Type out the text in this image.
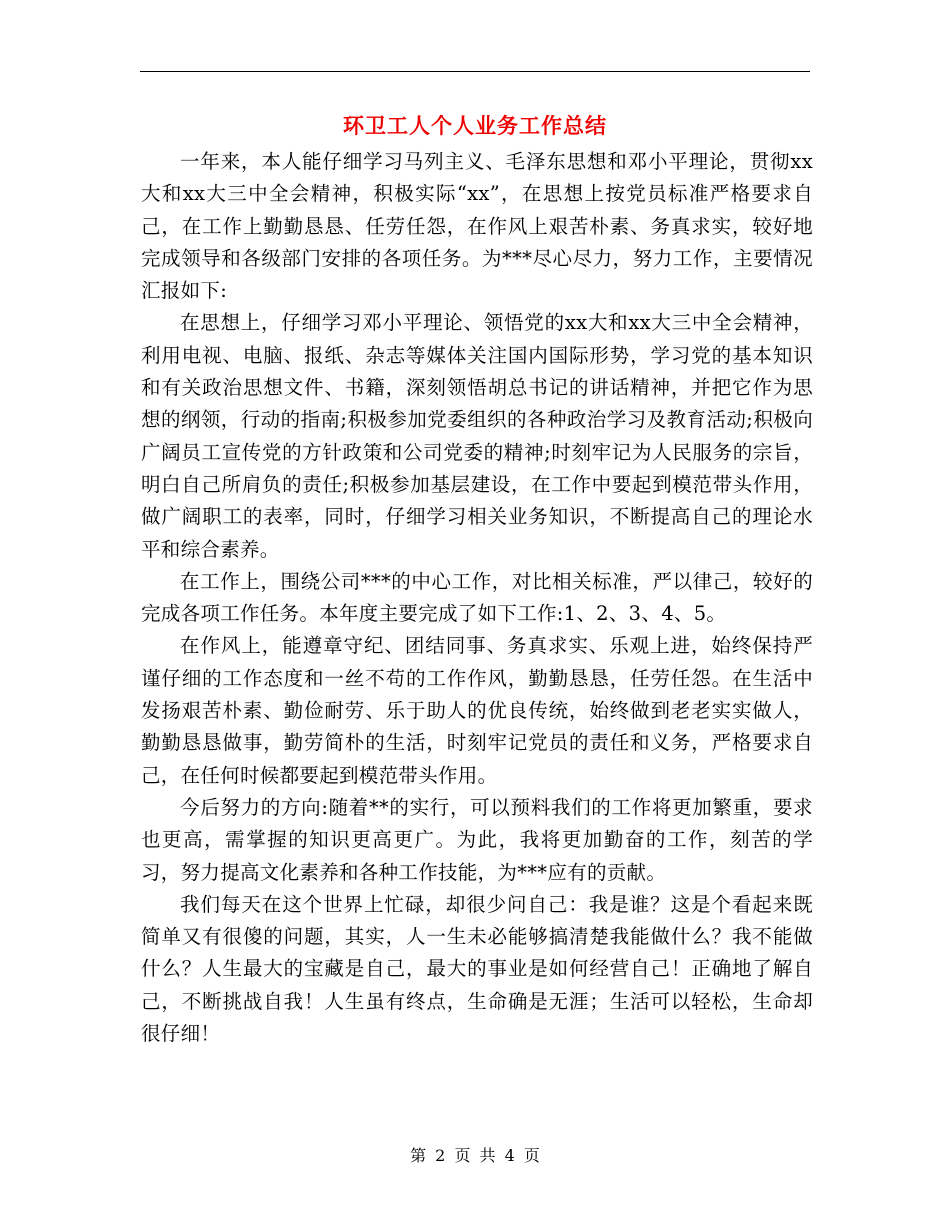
环卫工人个人业务工作总结

一年来，本人能仔细学习马列主义、毛泽东思想和邓小平理论，贯彻xx大和xx大三中全会精神，积极实际“xx”，在思想上按党员标准严格要求自己，在工作上勤勤恳恳、任劳任怨，在作风上艰苦朴素、务真求实，较好地完成领导和各级部门安排的各项任务。为***尽心尽力，努力工作，主要情况汇报如下:

在思想上，仔细学习邓小平理论、领悟党的xx大和xx大三中全会精神，利用电视、电脑、报纸、杂志等媒体关注国内国际形势，学习党的基本知识和有关政治思想文件、书籍，深刻领悟胡总书记的讲话精神，并把它作为思想的纲领，行动的指南;积极参加党委组织的各种政治学习及教育活动;积极向广阔员工宣传党的方针政策和公司党委的精神;时刻牢记为人民服务的宗旨，明白自己所肩负的责任;积极参加基层建设，在工作中要起到模范带头作用，做广阔职工的表率，同时，仔细学习相关业务知识，不断提高自己的理论水平和综合素养。

在工作上，围绕公司***的中心工作，对比相关标准，严以律己，较好的完成各项工作任务。本年度主要完成了如下工作:1、2、3、4、5。

在作风上，能遵章守纪、团结同事、务真求实、乐观上进，始终保持严谨仔细的工作态度和一丝不苟的工作作风，勤勤恳恳，任劳任怨。在生活中发扬艰苦朴素、勤俭耐劳、乐于助人的优良传统，始终做到老老实实做人，勤勤恳恳做事，勤劳简朴的生活，时刻牢记党员的责任和义务，严格要求自己，在任何时候都要起到模范带头作用。

今后努力的方向:随着**的实行，可以预料我们的工作将更加繁重，要求也更高，需掌握的知识更高更广。为此，我将更加勤奋的工作，刻苦的学习，努力提高文化素养和各种工作技能，为***应有的贡献。

我们每天在这个世界上忙碌，却很少问自己：我是谁？这是个看起来既简单又有很傻的问题，其实，人一生未必能够搞清楚我能做什么？我不能做什么？人生最大的宝藏是自己，最大的事业是如何经营自己！正确地了解自己，不断挑战自我！人生虽有终点，生命确是无涯；生活可以轻松，生命却很仔细！

第 2 页 共 4 页
